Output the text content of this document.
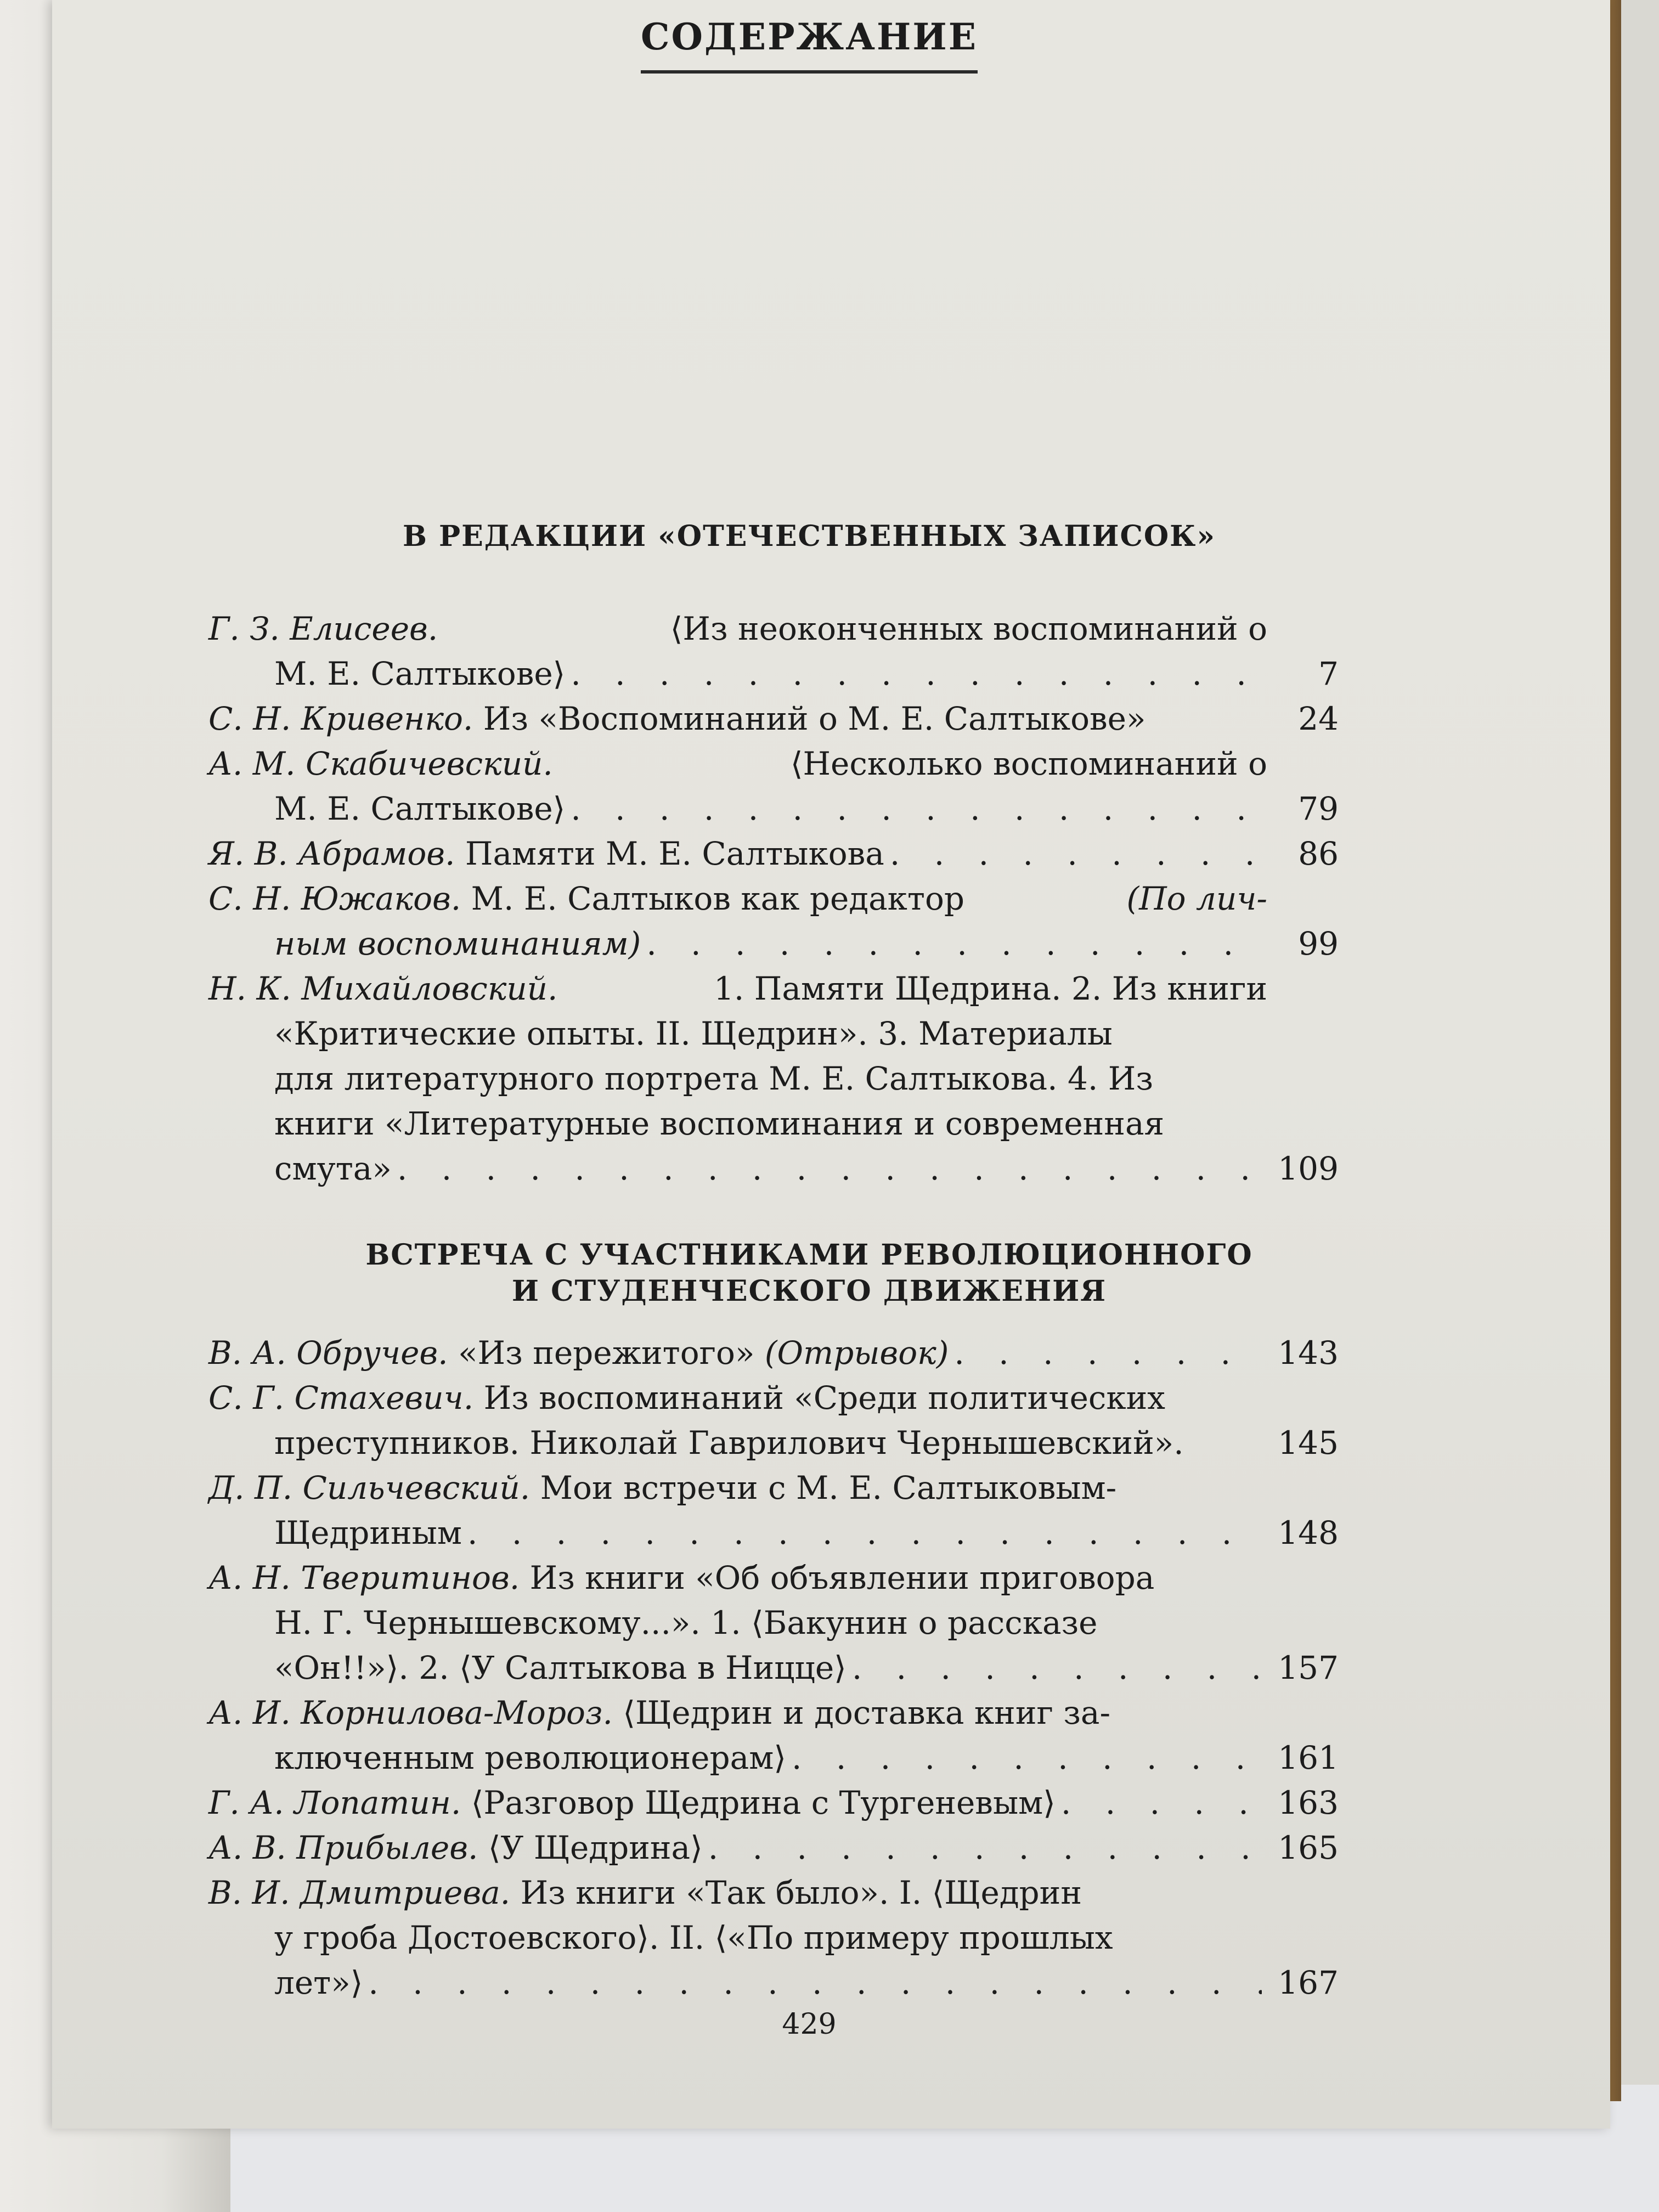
СОДЕРЖАНИЕ
В РЕДАКЦИИ «ОТЕЧЕСТВЕННЫХ ЗАПИСОК»
Г. З. Елисеев.	⟨Из неоконченных воспоминаний о
М. Е. Салтыкове⟩ . . .	7
С. Н. Кривенко.
Из «Воспоминаний о М. Е. Салтыкове»	24
А. М. Скабичевский.	⟨Несколько воспоминаний о
М. Е. Салтыкове⟩ . . .	79
Я. В. Абрамов.
Памяти М. Е. Салтыкова . . .	86
С. Н. Южаков.
М. Е. Салтыков как редактор	(По лич-
ным воспоминаниям) . . .	99
Н. К. Михайловский.	1. Памяти Щедрина. 2. Из книги
«Критические опыты. II. Щедрин». 3. Материалы
для литературного портрета М. Е. Салтыкова. 4. Из
книги «Литературные воспоминания и современная
смута» . . .	109
ВСТРЕЧА С УЧАСТНИКАМИ РЕВОЛЮЦИОННОГО
И СТУДЕНЧЕСКОГО ДВИЖЕНИЯ
В. А. Обручев.
«Из пережитого»
(Отрывок) . . .	143
С. Г. Стахевич.
Из воспоминаний «Среди политических
преступников. Николай Гаврилович Чернышевский».	145
Д. П. Сильчевский.
Мои встречи с М. Е. Салтыковым-
Щедриным . . .	148
А. Н. Тверитинов.
Из книги «Об объявлении приговора
Н. Г. Чернышевскому...». 1. ⟨Бакунин о рассказе
«Он!!»⟩. 2. ⟨У Салтыкова в Ницце⟩ . . .	157
А. И. Корнилова-Мороз.
⟨Щедрин и доставка книг за-
ключенным революционерам⟩ . . .	161
Г. А. Лопатин.
⟨Разговор Щедрина с Тургеневым⟩ . . .	163
А. В. Прибылев.
⟨У Щедрина⟩ . . .	165
В. И. Дмитриева.
Из книги «Так было». I. ⟨Щедрин
у гроба Достоевского⟩. II. ⟨«По примеру прошлых
лет»⟩ . . .	167
429
